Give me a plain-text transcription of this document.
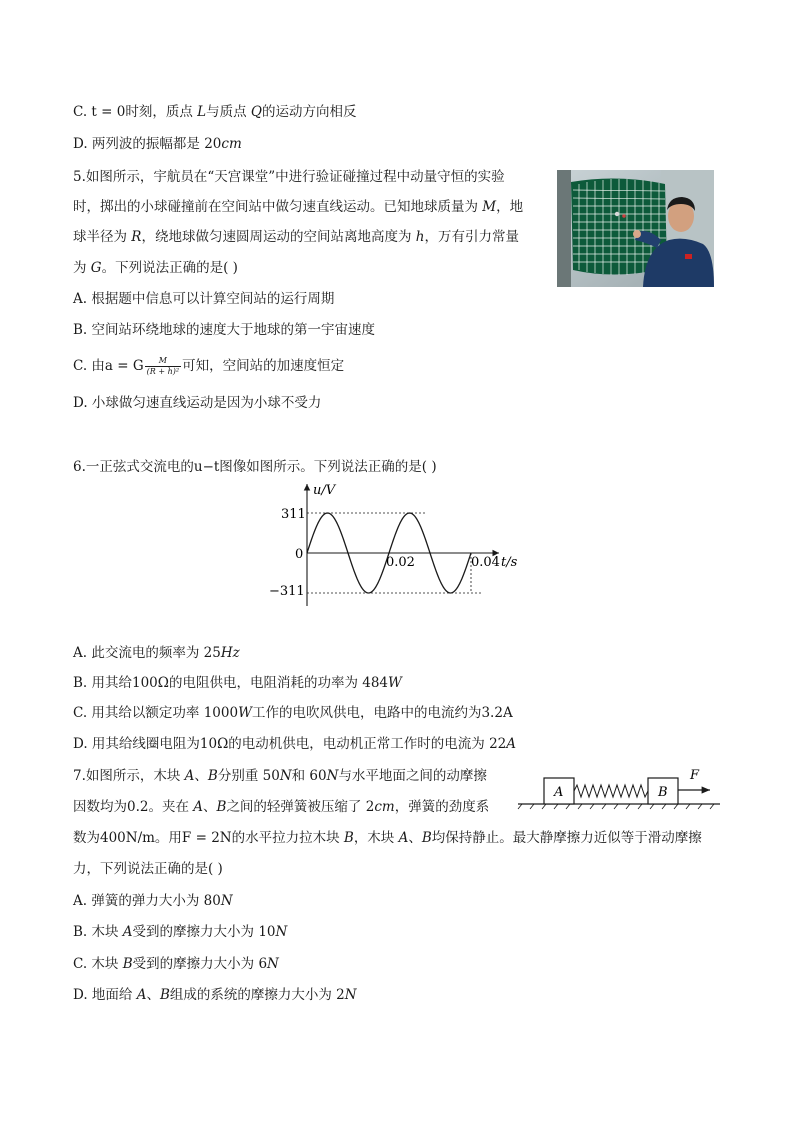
C. t = 0时刻，质点 L与质点 Q的运动方向相反
D. 两列波的振幅都是 20cm
5.如图所示，宇航员在“天宫课堂”中进行验证碰撞过程中动量守恒的实验
时，掷出的小球碰撞前在空间站中做匀速直线运动。已知地球质量为 M，地
球半径为 R，绕地球做匀速圆周运动的空间站离地高度为 h，万有引力常量
为 G。下列说法正确的是( )
A. 根据题中信息可以计算空间站的运行周期
B. 空间站环绕地球的速度大于地球的第一宇宙速度
C. 由a = G $\frac{M}{\text{(R + h)²}}$ 可知，空间站的加速度恒定
D. 小球做匀速直线运动是因为小球不受力
6.一正弦式交流电的u−t图像如图所示。下列说法正确的是( )
u/V
t/s
0
311
−311
0.02	0.04
A. 此交流电的频率为 25Hz
B. 用其给100Ω的电阻供电，电阻消耗的功率为 484W
C. 用其给以额定功率 1000W工作的电吹风供电，电路中的电流约为3.2A
D. 用其给线圈电阻为10Ω的电动机供电，电动机正常工作时的电流为 22A
7.如图所示，木块 A、B分别重 50N和 60N与水平地面之间的动摩擦
因数均为0.2。夹在 A、B之间的轻弹簧被压缩了 2cm，弹簧的劲度系
A	B
F
数为400N/m。用F = 2N的水平拉力拉木块 B，木块 A、B均保持静止。最大静摩擦力近似等于滑动摩擦
力，下列说法正确的是( )
A. 弹簧的弹力大小为 80N
B. 木块 A受到的摩擦力大小为 10N
C. 木块 B受到的摩擦力大小为 6N
D. 地面给 A、B组成的系统的摩擦力大小为 2N
